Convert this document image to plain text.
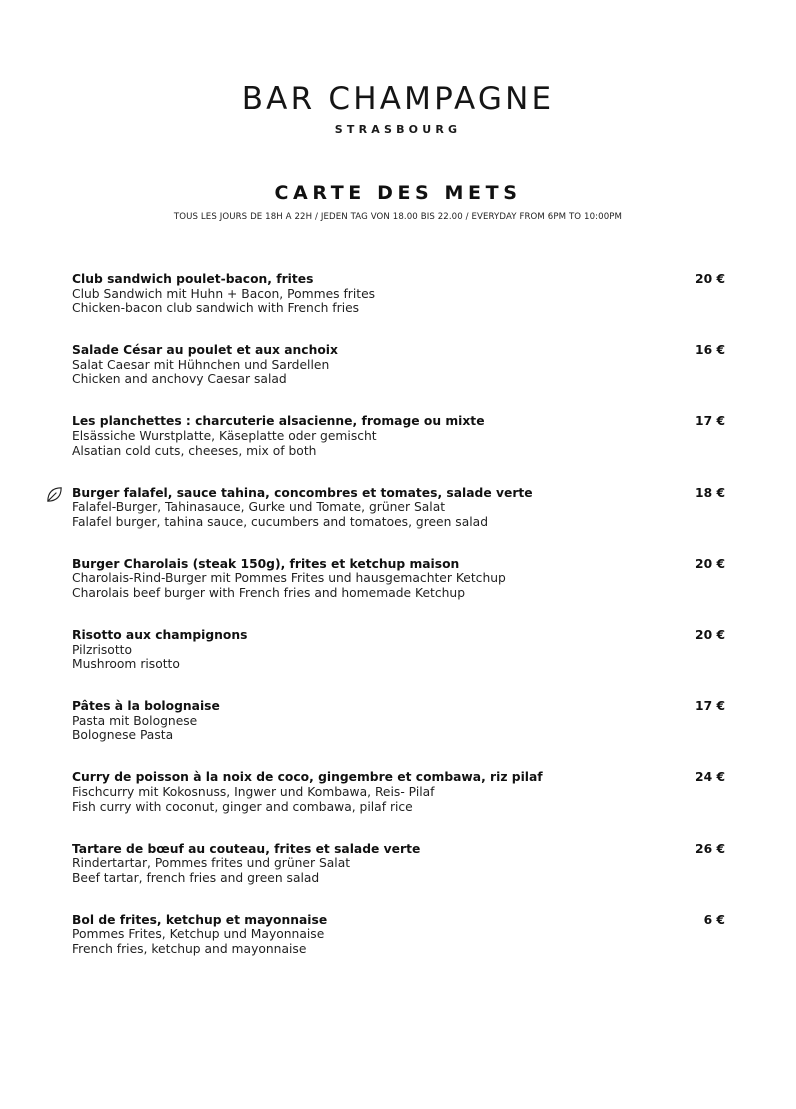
BAR CHAMPAGNE
STRASBOURG
CARTE DES METS
TOUS LES JOURS DE 18H A 22H / JEDEN TAG VON 18.00 BIS 22.00 / EVERYDAY FROM 6PM TO 10:00PM
Club sandwich poulet-bacon, frites
Club Sandwich mit Huhn + Bacon, Pommes frites
Chicken-bacon club sandwich with French fries
20 €
Salade César au poulet et aux anchoix
Salat Caesar mit Hühnchen und Sardellen
Chicken and anchovy Caesar salad
16 €
Les planchettes : charcuterie alsacienne, fromage ou mixte
Elsässiche Wurstplatte, Käseplatte oder gemischt
Alsatian cold cuts, cheeses, mix of both
17 €
Burger falafel, sauce tahina, concombres et tomates, salade verte
Falafel-Burger, Tahinasauce, Gurke und Tomate, grüner Salat
Falafel burger, tahina sauce, cucumbers and tomatoes, green salad
18 €
Burger Charolais (steak 150g), frites et ketchup maison
Charolais-Rind-Burger mit Pommes Frites und hausgemachter Ketchup
Charolais beef burger with French fries and homemade Ketchup
20 €
Risotto aux champignons
Pilzrisotto
Mushroom risotto
20 €
Pâtes à la bolognaise
Pasta mit Bolognese
Bolognese Pasta
17 €
Curry de poisson à la noix de coco, gingembre et combawa, riz pilaf
Fischcurry mit Kokosnuss, Ingwer und Kombawa, Reis- Pilaf
Fish curry with coconut, ginger and combawa, pilaf rice
24 €
Tartare de bœuf au couteau, frites et salade verte
Rindertartar, Pommes frites und grüner Salat
Beef tartar, french fries and green salad
26 €
Bol de frites, ketchup et mayonnaise
Pommes Frites, Ketchup und Mayonnaise
French fries, ketchup and mayonnaise
6 €
